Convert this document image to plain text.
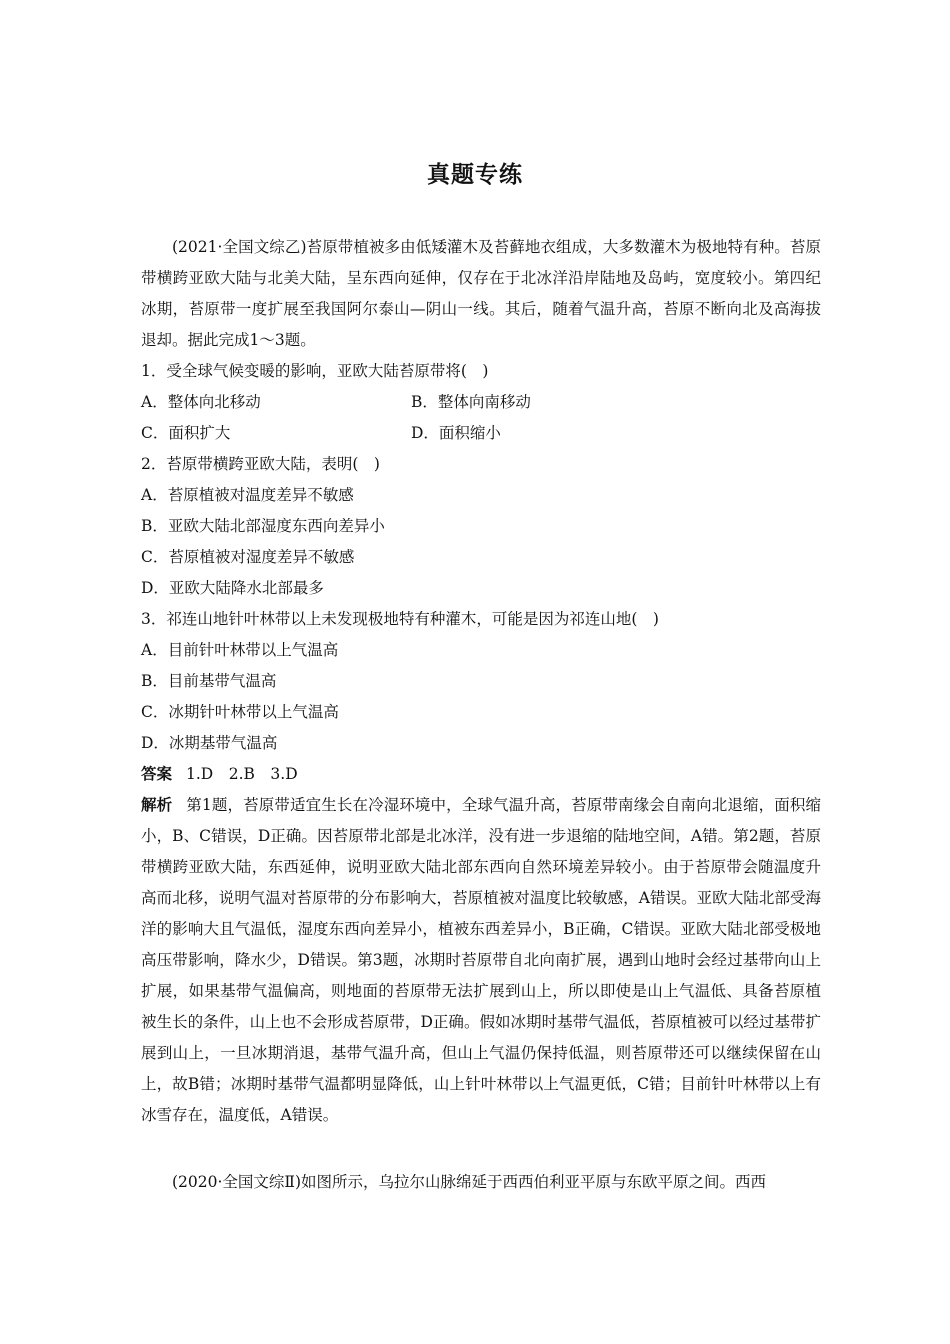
真题专练

(2021·全国文综乙)苔原带植被多由低矮灌木及苔藓地衣组成，大多数灌木为极地特有种。苔原带横跨亚欧大陆与北美大陆，呈东西向延伸，仅存在于北冰洋沿岸陆地及岛屿，宽度较小。第四纪冰期，苔原带一度扩展至我国阿尔泰山—阴山一线。其后，随着气温升高，苔原不断向北及高海拔退却。据此完成1～3题。

1．受全球气候变暖的影响，亚欧大陆苔原带将(　)

A．整体向北移动	B．整体向南移动
C．面积扩大	D．面积缩小

2．苔原带横跨亚欧大陆，表明(　)

A．苔原植被对温度差异不敏感

B．亚欧大陆北部湿度东西向差异小

C．苔原植被对湿度差异不敏感

D．亚欧大陆降水北部最多

3．祁连山地针叶林带以上未发现极地特有种灌木，可能是因为祁连山地(　)

A．目前针叶林带以上气温高

B．目前基带气温高

C．冰期针叶林带以上气温高

D．冰期基带气温高

答案 1.D　2.B　3.D

解析 第1题，苔原带适宜生长在冷湿环境中，全球气温升高，苔原带南缘会自南向北退缩，面积缩小，B、C错误，D正确。因苔原带北部是北冰洋，没有进一步退缩的陆地空间，A错。第2题，苔原带横跨亚欧大陆，东西延伸，说明亚欧大陆北部东西向自然环境差异较小。由于苔原带会随温度升高而北移，说明气温对苔原带的分布影响大，苔原植被对温度比较敏感，A错误。亚欧大陆北部受海洋的影响大且气温低，湿度东西向差异小，植被东西差异小，B正确，C错误。亚欧大陆北部受极地高压带影响，降水少，D错误。第3题，冰期时苔原带自北向南扩展，遇到山地时会经过基带向山上扩展，如果基带气温偏高，则地面的苔原带无法扩展到山上，所以即使是山上气温低、具备苔原植被生长的条件，山上也不会形成苔原带，D正确。假如冰期时基带气温低，苔原植被可以经过基带扩展到山上，一旦冰期消退，基带气温升高，但山上气温仍保持低温，则苔原带还可以继续保留在山上，故B错；冰期时基带气温都明显降低，山上针叶林带以上气温更低，C错；目前针叶林带以上有冰雪存在，温度低，A错误。

(2020·全国文综Ⅱ)如图所示，乌拉尔山脉绵延于西西伯利亚平原与东欧平原之间。西西
